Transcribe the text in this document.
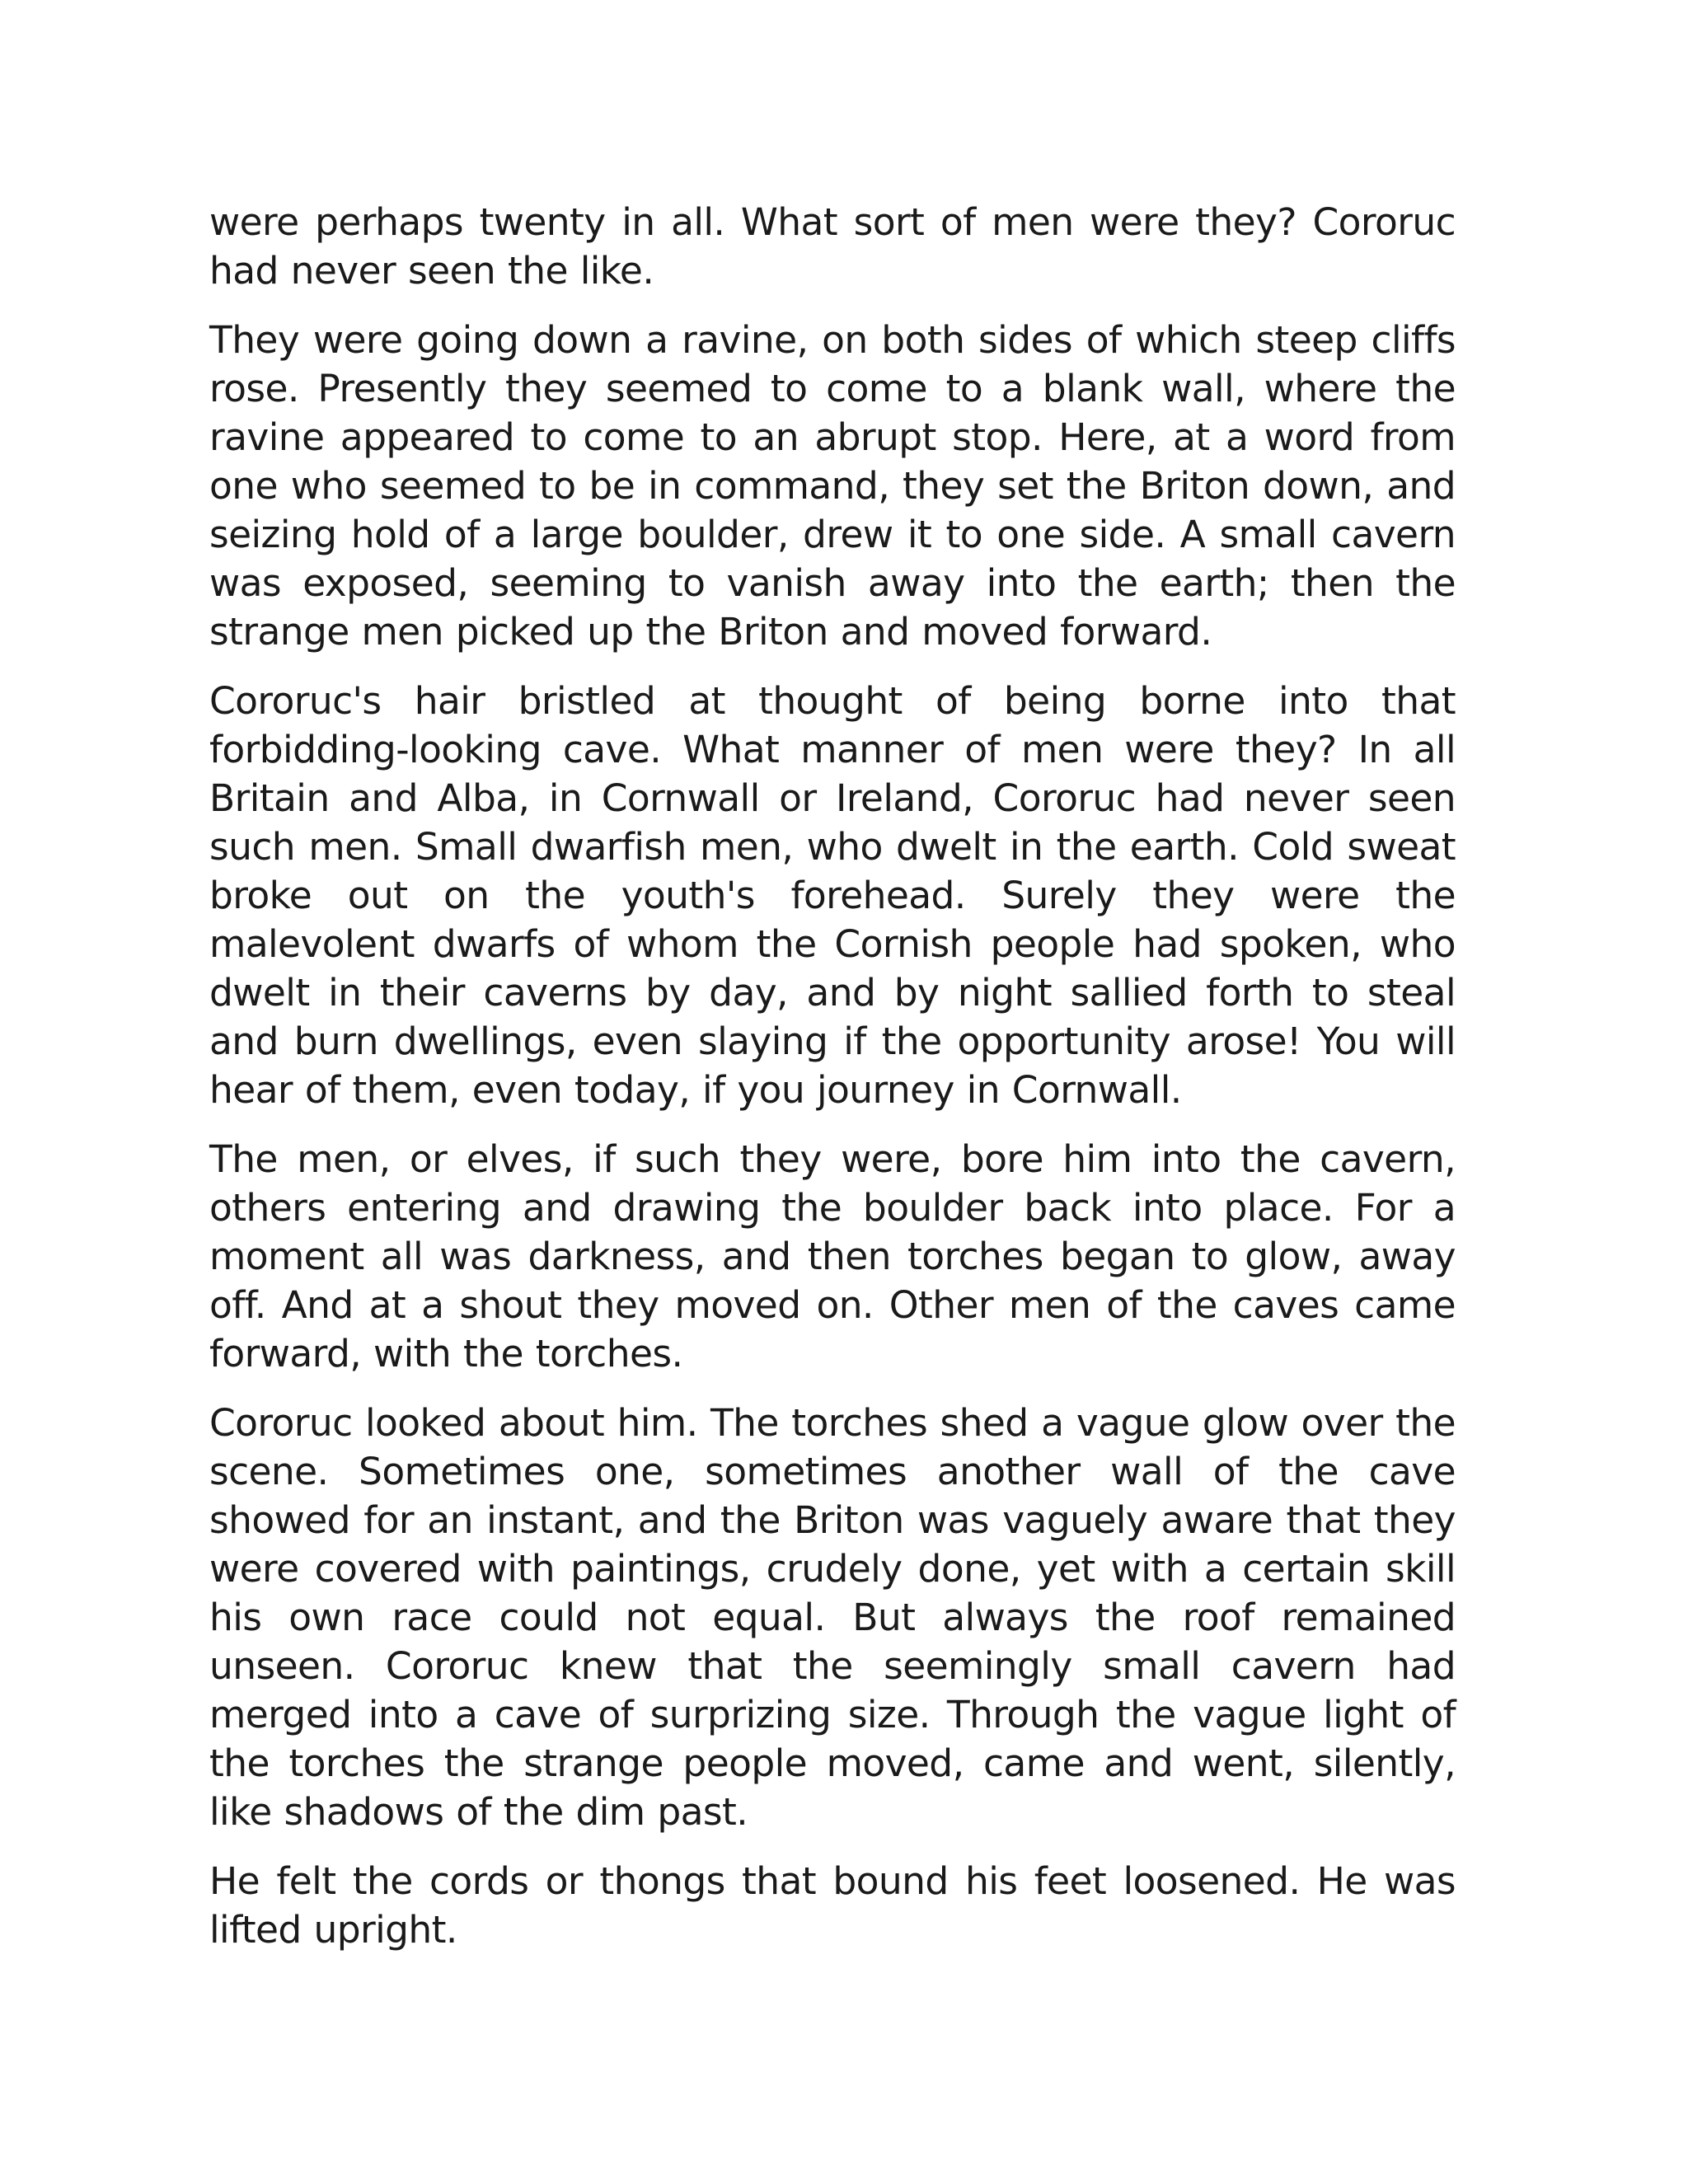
were perhaps twenty in all. What sort of men were they? Cororuc had never seen the like.

They were going down a ravine, on both sides of which steep cliffs rose. Presently they seemed to come to a blank wall, where the ravine appeared to come to an abrupt stop. Here, at a word from one who seemed to be in command, they set the Briton down, and seizing hold of a large boulder, drew it to one side. A small cavern was exposed, seeming to vanish away into the earth; then the strange men picked up the Briton and moved forward.

Cororuc's hair bristled at thought of being borne into that forbidding-looking cave. What manner of men were they? In all Britain and Alba, in Cornwall or Ireland, Cororuc had never seen such men. Small dwarfish men, who dwelt in the earth. Cold sweat broke out on the youth's forehead. Surely they were the malevolent dwarfs of whom the Cornish people had spoken, who dwelt in their caverns by day, and by night sallied forth to steal and burn dwellings, even slaying if the opportunity arose! You will hear of them, even today, if you journey in Cornwall.

The men, or elves, if such they were, bore him into the cavern, others entering and drawing the boulder back into place. For a moment all was darkness, and then torches began to glow, away off. And at a shout they moved on. Other men of the caves came forward, with the torches.

Cororuc looked about him. The torches shed a vague glow over the scene. Sometimes one, sometimes another wall of the cave showed for an instant, and the Briton was vaguely aware that they were covered with paintings, crudely done, yet with a certain skill his own race could not equal. But always the roof remained unseen. Cororuc knew that the seemingly small cavern had merged into a cave of surprizing size. Through the vague light of the torches the strange people moved, came and went, silently, like shadows of the dim past.

He felt the cords or thongs that bound his feet loosened. He was lifted upright.
